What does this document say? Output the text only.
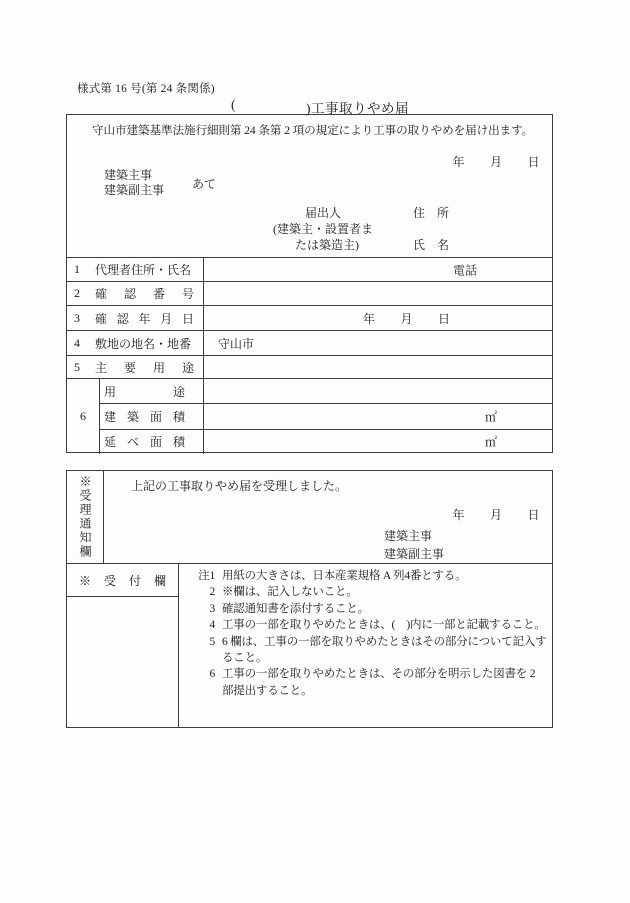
様式第 16 号(第 24 条関係)
(	)工事取りやめ届
守山市建築基準法施行細則第 24 条第 2 項の規定により工事の取りやめを届け出ます。
年　　月　　日
建築主事
建築副主事 あて
届出人	住　所
(建築主・設置者ま
たは築造主)	氏　名
1	代理者住所・氏名	電話
2	確 認 番 号
3	確 認 年 月 日	年　　月　　日
4	敷地の地名・地番	守山市
5	主 要 用 途
6
用 途
建 築 面 積	㎡
延 べ 面 積	㎡
※受理通知欄	上記の工事取りやめ届を受理しました。
年　　月　　日
建築主事
建築副主事
※ 受 付 欄	注1 用紙の大きさは、日本産業規格 A 列4番とする。
2 ※欄は、記入しないこと。
3 確認通知書を添付すること。
4 工事の一部を取りやめたときは、(　)内に一部と記載すること。
5 6 欄は、工事の一部を取りやめたときはその部分について記入すること。
6 工事の一部を取りやめたときは、その部分を明示した図書を 2 部提出すること。
